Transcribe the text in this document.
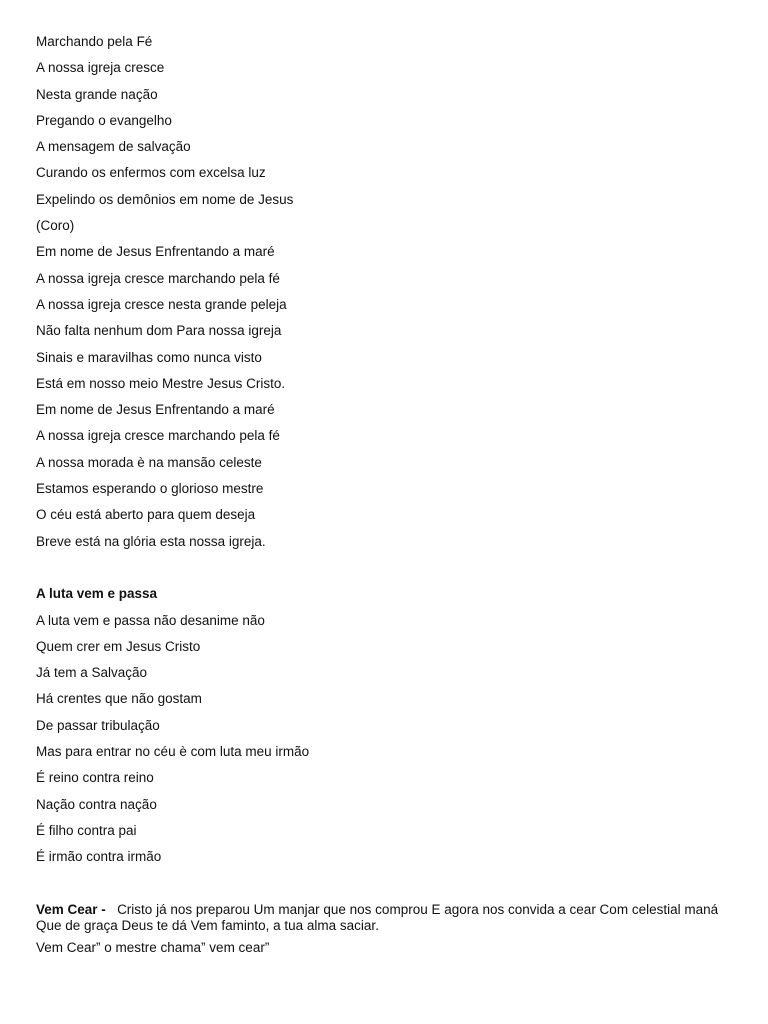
Marchando pela Fé
A nossa igreja cresce
Nesta grande nação
Pregando o evangelho
A mensagem de salvação
Curando os enfermos com excelsa luz
Expelindo os demônios em nome de Jesus
(Coro)
Em nome de Jesus Enfrentando a maré
A nossa igreja cresce marchando pela fé
A nossa igreja cresce nesta grande peleja
Não falta nenhum dom Para nossa igreja
Sinais e maravilhas como nunca visto
Está em nosso meio Mestre Jesus Cristo.
Em nome de Jesus Enfrentando a maré
A nossa igreja cresce marchando pela fé
A nossa morada è na mansão celeste
Estamos esperando o glorioso mestre
O céu está aberto para quem deseja
Breve está na glória esta nossa igreja.
A luta vem e passa
A luta vem e passa não desanime não
Quem crer em Jesus Cristo
Já tem a Salvação
Há crentes que não gostam
De passar tribulação
Mas para entrar no céu è com luta meu irmão
É reino contra reino
Nação contra nação
É filho contra pai
É irmão contra irmão
Vem Cear - Cristo já nos preparou Um manjar que nos comprou E agora nos convida a cear Com celestial maná Que de graça Deus te dá Vem faminto, a tua alma saciar.
Vem Cear” o mestre chama” vem cear”
